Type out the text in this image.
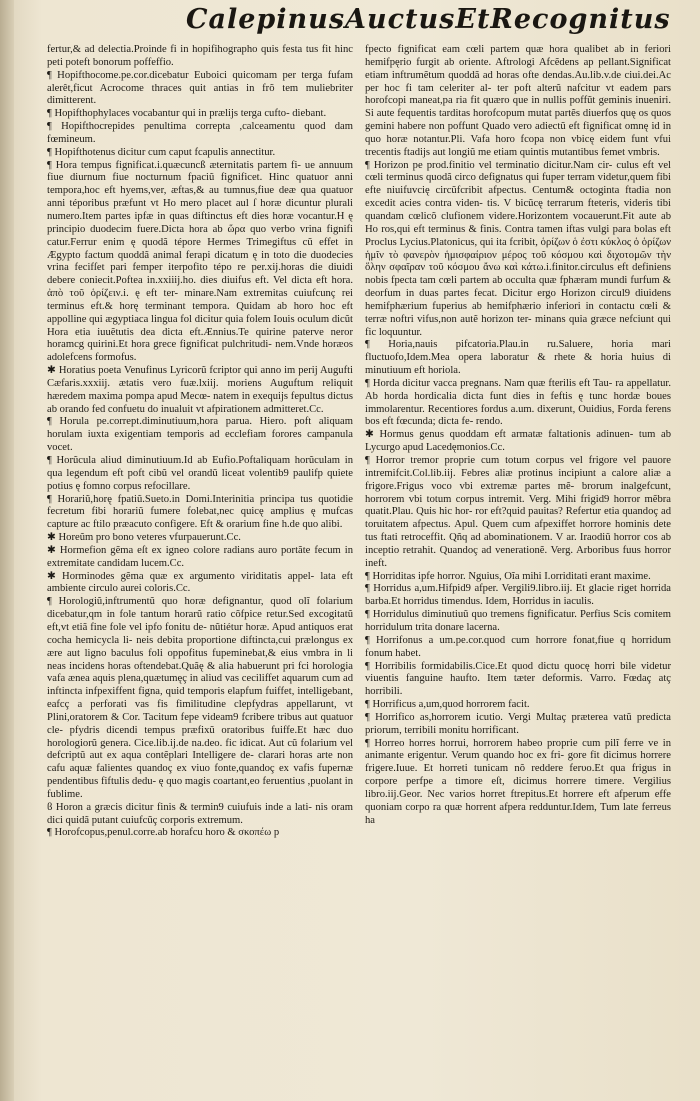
Calepinus Auctus Et Recognitus

fertur,& ad delectia.Proinde fi in hopifihographo quis festa tus fit hinc peti poteft bonorum poffeffio.

¶ Hopifthocome.pe.cor.dicebatur Euboici quicomam per terga fufam alerêt,ficut Acrocome thraces quit antias in frõ tem muliebriter dimitterent.

¶ Hopifthophylaces vocabantur qui in prælijs terga cufto- diebant.

¶ Hopifthocrepides penultima correpta ,calceamentu quod dam fœmineum.

¶ Hopifthotenus dicitur cum caput fcapulis annectitur.

¶ Hora tempus fignificat.i.quæcuncß æternitatis partem fi- ue annuum fiue diurnum fiue nocturnum fpaciũ fignificet. Hinc quatuor anni tempora,hoc eft hyems,ver, æftas,& au tumnus,fiue deæ qua quatuor anni téporibus præfunt vt Ho mero placet aul ſ horæ dicuntur plurali numero.Item partes ipfæ in quas diftinctus eft dies horæ vocantur.H ę principio duodecim fuere.Dicta hora ab ὥρα quo verbo vrina fignifi catur.Ferrur enim ę quodã tépore Hermes Trimegiftus cũ effet in Ægypto factum quoddã animal ferapi dicatum ę in toto die duodecies vrina fecifſet pari femper iterpofito tépo re per.xij.horas die diuidi debere coniecit.Poftea in.xxiiij.ho. dies diuifus eft. Vel dicta eft hora. ἀπὸ τοῦ ὁρίζειν.i. ę eft ter- minare.Nam extremitas cuiufcunç rei terminus eft.& horę terminant tempora. Quidam ab horo hoc eft appolline qui ægyptiaca lingua fol dicitur quia folem Iouis oculum dicũt Hora etia iuuẽtutis dea dicta eft.Ænnius.Te quirine paterve neror horamcg quirini.Et hora grece fignificat pulchritudi- nem.Vnde horæos adolefcens formofus.

✱ Horatius poeta Venufinus Lyricorũ fcriptor qui anno im perij Augufti Cæfaris.xxxiij. ætatis vero fuæ.lxiij. moriens Auguftum reliquit hæredem maxima pompa apud Mecœ- natem in exequijs fepultus dictus ab orando fed confuetu do inualuit vt afpirationem admitteret.Cc.

¶ Horula pe.corrept.diminutiuum,hora parua. Hiero. poft aliquam horulam iuxta exigentiam temporis ad ecclefiam forores campanula vocet.

¶ Horũcula aliud diminutiuum.Id ab Eufio.Poftaliquam horũculam in qua legendum eft poft cibũ vel orandũ liceat volentib9 paulifp quiete potius ę fomno corpus refocillare.

¶ Horariũ,horę fpatiũ.Sueto.in Domi.Interinitia principa tus quotidie fecretum fibi horariũ fumere folebat,nec quicę amplius ę mufcas capture ac ftilo præacuto configere. Eft & orarium fine h.de quo alibi.

✱ Horeũm pro bono veteres vfurpauerunt.Cc.

✱ Hormefion gẽma eſt ex igneo colore radians auro portãte fecum in extremitate candidam lucem.Cc.

✱ Horminodes gẽma quæ ex argumento viriditatis appel- lata eft ambiente circulo aurei coloris.Cc.

¶ Horologiũ,inftrumentũ quo horæ defignantur, quod olĩ folarium dicebatur,qm in fole tantum horarũ ratio cõfpice retur.Sed excogitatũ eft,vt etiã fine fole vel ipfo fonitu de- nũtiétur horæ. Apud antiquos erat cocha hemicycla li- neis debita proportione diftincta,cui prælongus ex ære aut ligno baculus foli oppofitus fupeminebat,& eius vmbra in li neas incidens horas oftendebat.Quãę & alia habuerunt pri fci horologia vafa ænea aquis plena,quætumęç in aliud vas ceciliffet aquarum cum ad inftincta infpexiffent figna, quid temporis elapfum fuiffet, intelligebant, eafcç a perforati vas fis fimilitudine clepfydras appellarunt, vt Plini,oratorem & Cor. Tacitum fepe videam9 fcribere tribus aut quatuor cle- pfydris dicendi tempus præfixũ oratoribus fuiffe.Et hæc duo horologiorũ genera. Cice.lib.ij.de na.deo. fic idicat. Aut cũ folarium vel defcriptũ aut ex aqua contẽplari Intelligere de- clarari horas arte non cafu aquæ falientes quandoç ex viuo fonte,quandoç ex vafis fupernæ pendentibus fiftulis dedu- ę quo magis coartant,eo feruentius ,puolant in fublime.

ϐ Horon a græcis dicitur finis & termin9 cuiufuis inde a lati- nis oram dici quidã putant cuiufcũç corporis extremum.

¶ Horofcopus,penul.corre.ab horafcu horo & σκοπέω p

fpecto fignificat eam cœli partem quæ hora qualibet ab in feriori hemifpęrio furgit ab oriente. Aftrologi Afcẽdens ap pellant.Significat etiam inftrumẽtum quoddã ad horas ofte dendas.Au.lib.v.de ciui.dei.Ac per hoc fi tam celeriter al- ter poft alterũ nafcitur vt eadem pars horofcopi maneat,pa ria fit quæro que in nullis poffũt geminis inueniri. Si aute fequentis tarditas horofcopum mutat partẽs diuerfos quę os quos gemini habere non poffunt Quado vero adiectũ eft fignificat omnę id in quo horæ notantur.Pli. Vafa horo fcopa non vbicę eidem funt vfui trecentis ftadijs aut longiũ me etiam quintis mutantibus femet vmbris.

¶ Horizon pe prod.finitio vel terminatio dicitur.Nam cir- culus eft vel cœli terminus quodã circo defignatus qui fuper terram videtur,quem fibi efte niuifuvcię circũfcribit afpectus. Centum& octoginta ftadia non excedit acies contra viden- tis. V bicũcę terrarum fteteris, videris tibi quandam cœlicõ clufionem videre.Horizontem vocauerunt.Fit aute ab Ho ros,qui eft terminus & finis. Contra tamen iftas vulgi para bolas eft Proclus Lycius.Platonicus, qui ita fcribit, ὁρίζων ὁ ἐστι κύκλος ὁ ὁρίζων ἡμῖν τὸ φανερὸν ἡμισφαίριον μέρος τοῦ κόσμου καὶ διχοτομῶν τὴν ὅλην σφαῖραν τοῦ κόσμου ἄνω καὶ κάτω.i.finitor.circulus eft definiens nobis fpecta tam cœli partem ab occulta quæ fphæram mundi furfum & deorfum in duas partes fecat. Dicitur ergo Horizon circul9 diuidens hemifphærium fuperius ab hemifphærio inferiori in contactu cœli & terræ noftri vifus,non autẽ horizon ter- minans quia græce nefciunt qui fic loquuntur.

¶ Horia,nauis pifcatoria.Plau.in ru.Saluere, horia mari fluctuofo,Idem.Mea opera laboratur & rhete & horia huius di minutiuum eft horiola.

¶ Horda dicitur vacca pregnans. Nam quæ fterilis eft Tau- ra appellatur. Ab horda hordicalia dicta funt dies in feftis ę tunc hordæ boues immolarentur. Recentiores fordus a.um. dixerunt, Ouidius, Forda ferens bos eft fœcunda; dicta fe- rendo.

✱ Hormus genus quoddam eft armatæ faltationis adinuen- tum ab Lycurgo apud Lacedęmonios.Cc.

¶ Horror tremor proprie cum totum corpus vel frigore vel pauore intremifcit.Col.lib.iij. Febres aliæ protinus incipiunt a calore aliæ a frigore.Frigus voco vbi extremæ partes mẽ- brorum inalgefcunt, horrorem vbi totum corpus intremit. Verg. Mihi frigid9 horror mẽbra quatit.Plau. Quis hic hor- ror eft?quid pauitas? Refertur etia quandoç ad toruitatem afpectus. Apul. Quem cum afpexiffet horrore hominis dete tus ftati retroceffit. Qñq ad abominationem. V ar. Iraodiũ horror cos ab inceptio retrahit. Quandoç ad venerationẽ. Verg. Arboribus fuus horror ineft.

¶ Horriditas ipfe horror. Nguius, Oĩa mihi I.orriditati erant maxime.

¶ Horridus a,um.Hifpid9 afper. Vergili9.libro.iij. Et glacie riget horrida barba.Et horridus timendus. Idem, Horridus in iaculis.

¶ Horridulus diminutiuũ quo tremens fignificatur. Perfius Scis comitem horridulum trita donare lacerna.

¶ Horrifonus a um.pe.cor.quod cum horrore fonat,fiue q horridum fonum habet.

¶ Horribilis formidabilis.Cice.Et quod dictu quocę horri bile videtur viuentis fanguine haufto. Item tæter deformis. Varro. Fœdaç atç horribili.

¶ Horrificus a,um,quod horrorem facit.

¶ Horrifico as,horrorem icutio. Vergi Multaç præterea vatũ predicta priorum, terribili monitu horrificant.

¶ Horreo horres horrui, horrorem habeo proprie cum pilĩ ferre ve in animante erigentur. Verum quando hoc ex fri- gore fit dicimus horrere frigere.Iuue. Et horreti tunicam nõ reddere ferυo.Et qua frigus in corpore perfpe a timore eſt, dicimus horrere timere. Vergilius libro.iij.Geor. Nec varios horret ftrepitus.Et horrere eft afperum effe quoniam corpo ra quæ horrent afpera redduntur.Idem, Tum late ferreus ha
